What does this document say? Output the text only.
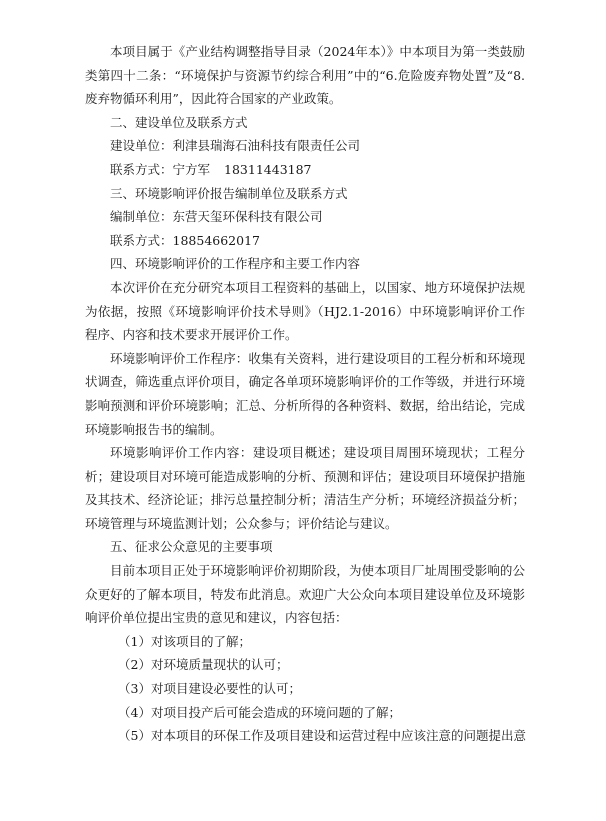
本项目属于《产业结构调整指导目录（2024年本）》中本项目为第一类鼓励类第四十二条：“环境保护与资源节约综合利用”中的“6.危险废弃物处置”及“8.废弃物循环利用”，因此符合国家的产业政策。

二、建设单位及联系方式

建设单位：利津县瑞海石油科技有限责任公司

联系方式：宁方军 18311443187

三、环境影响评价报告编制单位及联系方式

编制单位：东营天玺环保科技有限公司

联系方式：18854662017

四、环境影响评价的工作程序和主要工作内容

本次评价在充分研究本项目工程资料的基础上，以国家、地方环境保护法规为依据，按照《环境影响评价技术导则》（HJ2.1-2016）中环境影响评价工作程序、内容和技术要求开展评价工作。

环境影响评价工作程序：收集有关资料，进行建设项目的工程分析和环境现状调查，筛选重点评价项目，确定各单项环境影响评价的工作等级，并进行环境影响预测和评价环境影响；汇总、分析所得的各种资料、数据，给出结论，完成环境影响报告书的编制。

环境影响评价工作内容：建设项目概述；建设项目周围环境现状；工程分析；建设项目对环境可能造成影响的分析、预测和评估；建设项目环境保护措施及其技术、经济论证；排污总量控制分析；清洁生产分析；环境经济损益分析；环境管理与环境监测计划；公众参与；评价结论与建议。

五、征求公众意见的主要事项

目前本项目正处于环境影响评价初期阶段，为使本项目厂址周围受影响的公众更好的了解本项目，特发布此消息。欢迎广大公众向本项目建设单位及环境影响评价单位提出宝贵的意见和建议，内容包括：

（1）对该项目的了解；

（2）对环境质量现状的认可；

（3）对项目建设必要性的认可；

（4）对项目投产后可能会造成的环境问题的了解；

（5）对本项目的环保工作及项目建设和运营过程中应该注意的问题提出意
